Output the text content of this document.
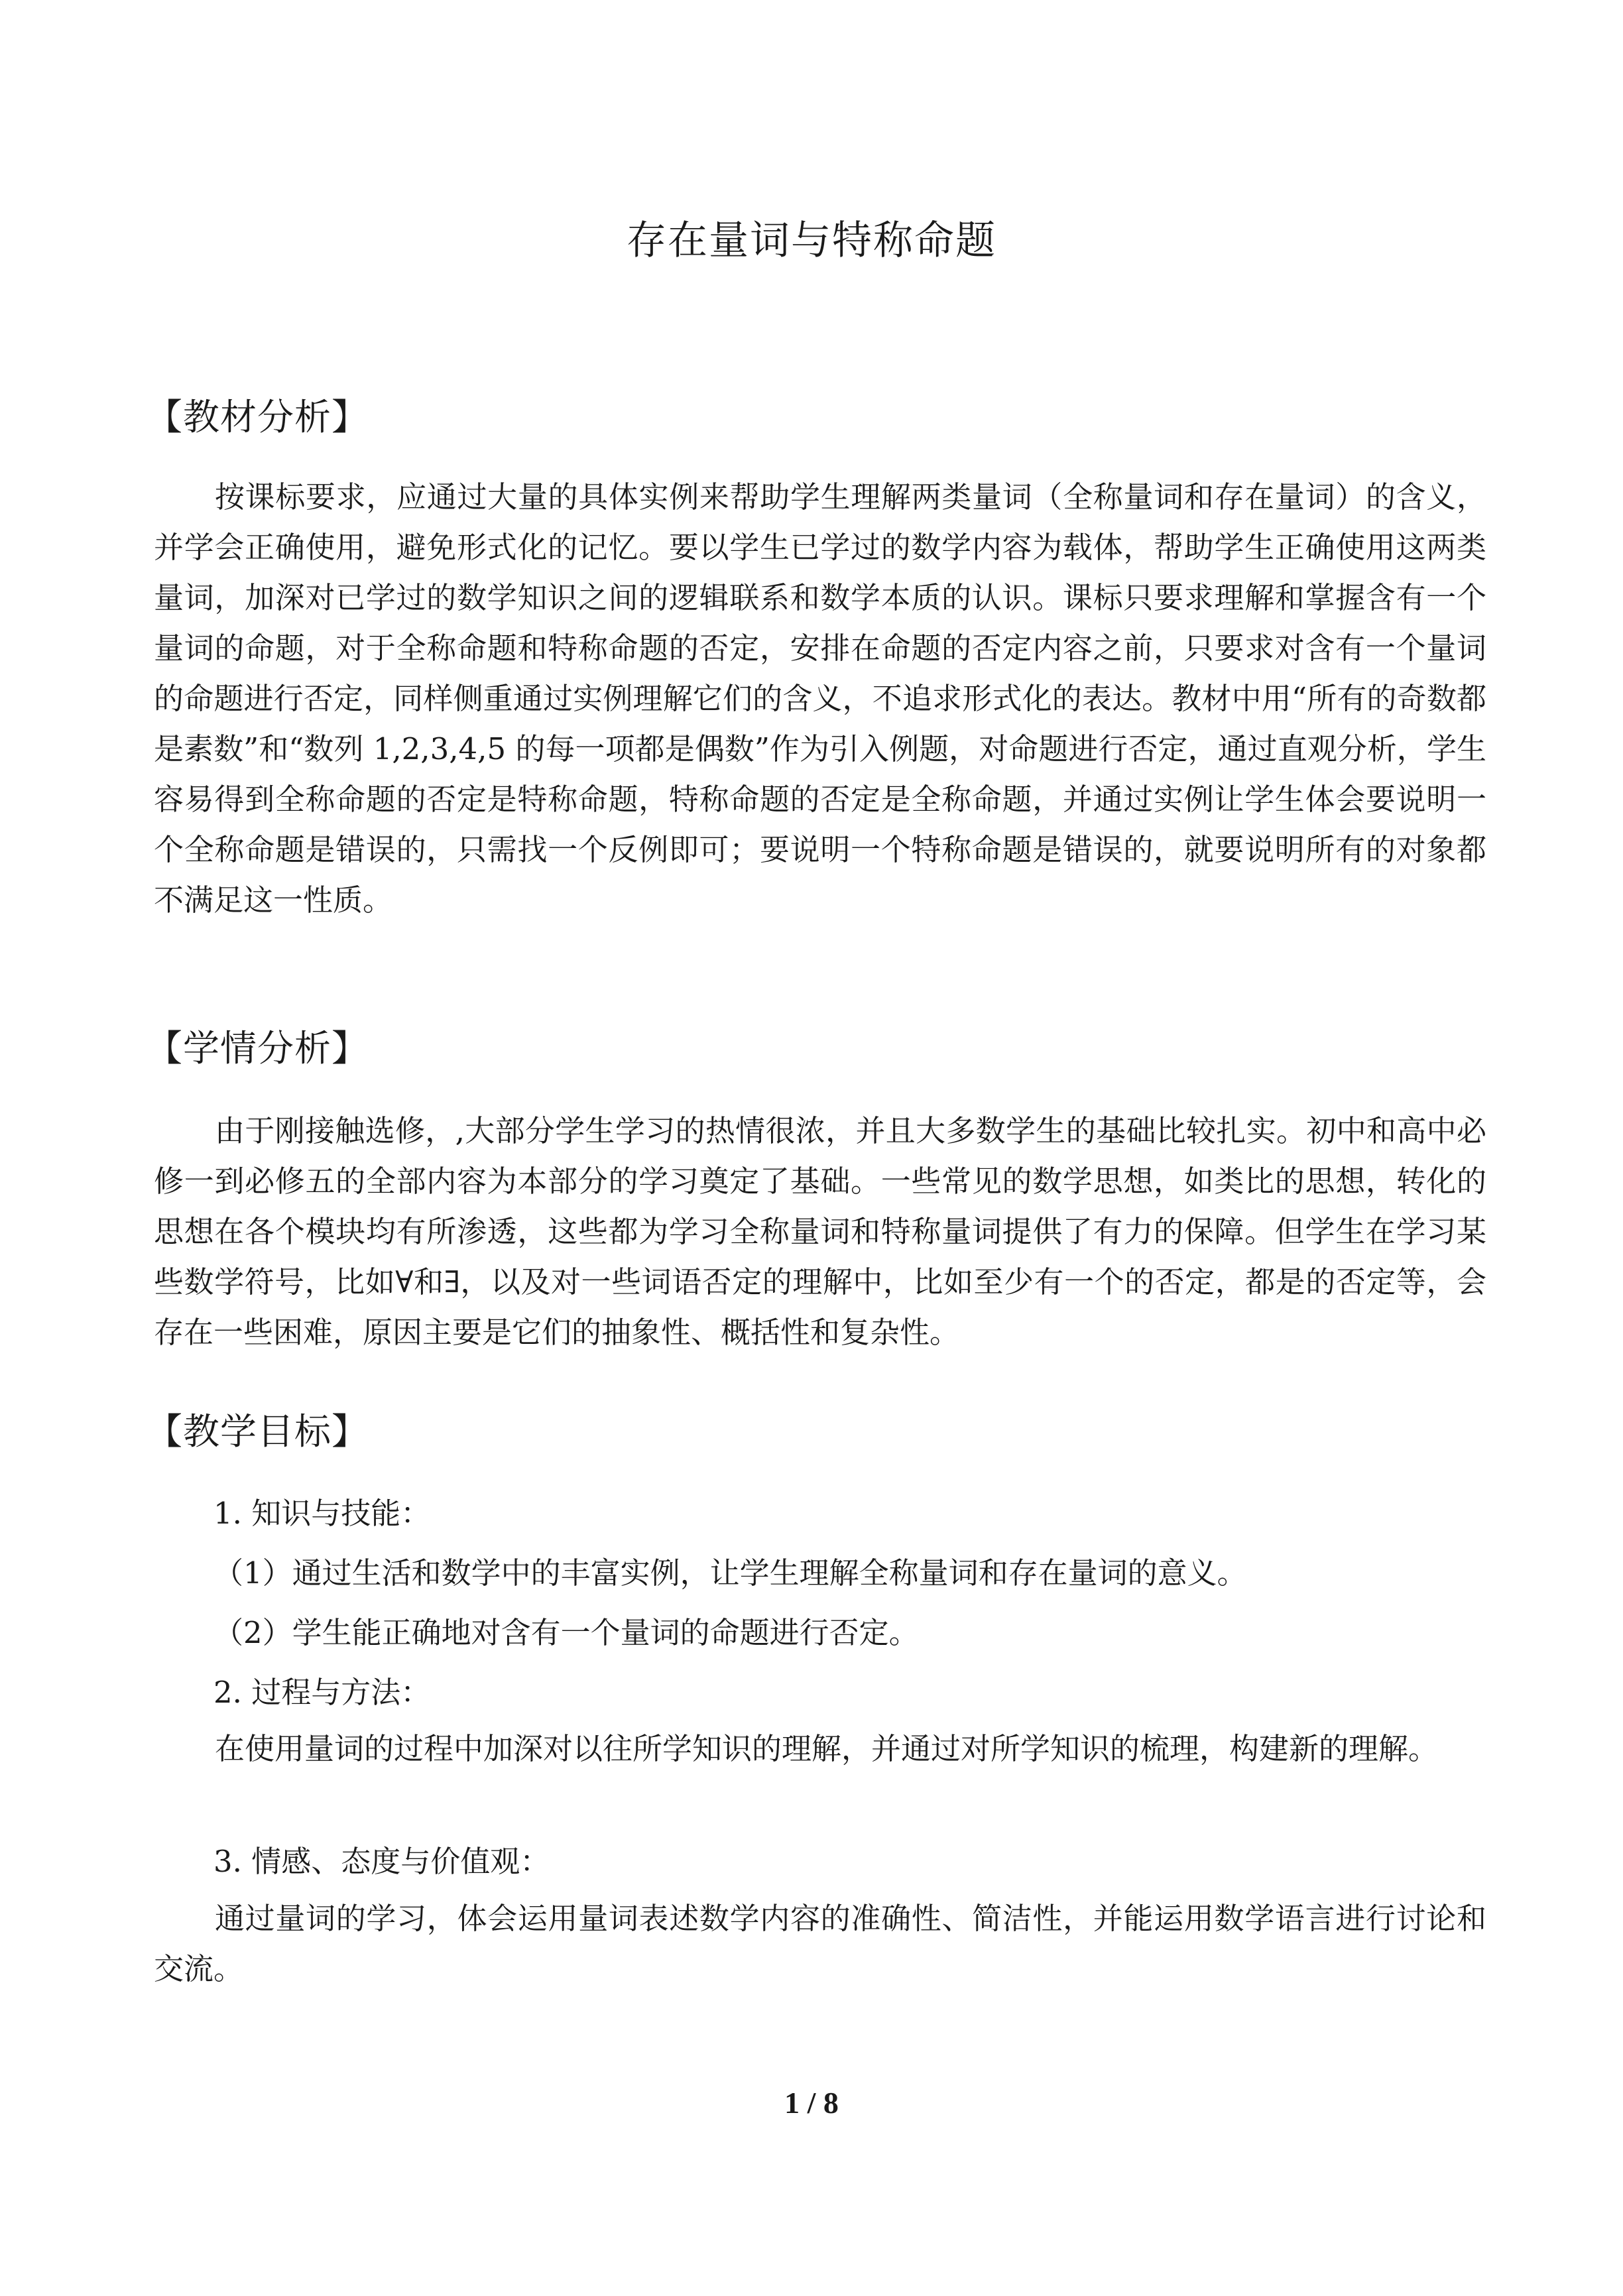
存在量词与特称命题
【教材分析】

按课标要求，应通过大量的具体实例来帮助学生理解两类量词（全称量词和存在量词）的含义，并学会正确使用，避免形式化的记忆。要以学生已学过的数学内容为载体，帮助学生正确使用这两类量词，加深对已学过的数学知识之间的逻辑联系和数学本质的认识。课标只要求理解和掌握含有一个量词的命题，对于全称命题和特称命题的否定，安排在命题的否定内容之前，只要求对含有一个量词的命题进行否定，同样侧重通过实例理解它们的含义，不追求形式化的表达。教材中用“所有的奇数都是素数”和“数列 1,2,3,4,5 的每一项都是偶数”作为引入例题，对命题进行否定，通过直观分析，学生容易得到全称命题的否定是特称命题，特称命题的否定是全称命题，并通过实例让学生体会要说明一个全称命题是错误的，只需找一个反例即可；要说明一个特称命题是错误的，就要说明所有的对象都不满足这一性质。

【学情分析】

由于刚接触选修，,大部分学生学习的热情很浓，并且大多数学生的基础比较扎实。初中和高中必修一到必修五的全部内容为本部分的学习奠定了基础。一些常见的数学思想，如类比的思想，转化的思想在各个模块均有所渗透，这些都为学习全称量词和特称量词提供了有力的保障。但学生在学习某些数学符号，比如∀和∃，以及对一些词语否定的理解中，比如至少有一个的否定，都是的否定等，会存在一些困难，原因主要是它们的抽象性、概括性和复杂性。

【教学目标】
1. 知识与技能：
（1）通过生活和数学中的丰富实例，让学生理解全称量词和存在量词的意义。
（2）学生能正确地对含有一个量词的命题进行否定。
2. 过程与方法：

在使用量词的过程中加深对以往所学知识的理解，并通过对所学知识的梳理，构建新的理解。

3. 情感、态度与价值观：

通过量词的学习，体会运用量词表述数学内容的准确性、简洁性，并能运用数学语言进行讨论和交流。

1 / 8
